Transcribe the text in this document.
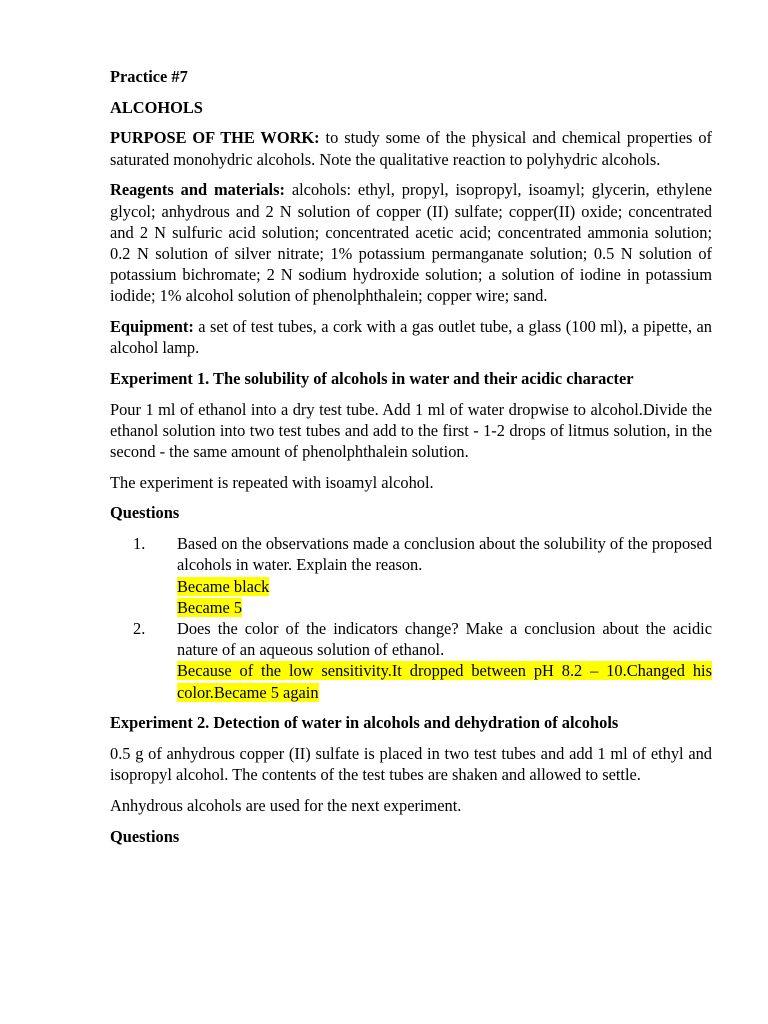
Practice #7

ALCOHOLS

PURPOSE OF THE WORK: to study some of the physical and chemical properties of saturated monohydric alcohols. Note the qualitative reaction to polyhydric alcohols.

Reagents and materials: alcohols: ethyl, propyl, isopropyl, isoamyl; glycerin, ethylene glycol; anhydrous and 2 N solution of copper (II) sulfate; copper(II) oxide; concentrated and 2 N sulfuric acid solution; concentrated acetic acid; concentrated ammonia solution; 0.2 N solution of silver nitrate; 1% potassium permanganate solution; 0.5 N solution of potassium bichromate; 2 N sodium hydroxide solution; a solution of iodine in potassium iodide; 1% alcohol solution of phenolphthalein; copper wire; sand.

Equipment: a set of test tubes, a cork with a gas outlet tube, a glass (100 ml), a pipette, an alcohol lamp.

Experiment 1. The solubility of alcohols in water and their acidic character

Pour 1 ml of ethanol into a dry test tube. Add 1 ml of water dropwise to alcohol.Divide the ethanol solution into two test tubes and add to the first - 1-2 drops of litmus solution, in the second - the same amount of phenolphthalein solution.

The experiment is repeated with isoamyl alcohol.

Questions

1. Based on the observations made a conclusion about the solubility of the proposed alcohols in water. Explain the reason.
Became black
Became 5
2. Does the color of the indicators change? Make a conclusion about the acidic nature of an aqueous solution of ethanol.
Because of the low sensitivity.It dropped between pH 8.2 – 10.Changed his color.Became 5 again

Experiment 2. Detection of water in alcohols and dehydration of alcohols

0.5 g of anhydrous copper (II) sulfate is placed in two test tubes and add 1 ml of ethyl and isopropyl alcohol. The contents of the test tubes are shaken and allowed to settle.

Anhydrous alcohols are used for the next experiment.

Questions
